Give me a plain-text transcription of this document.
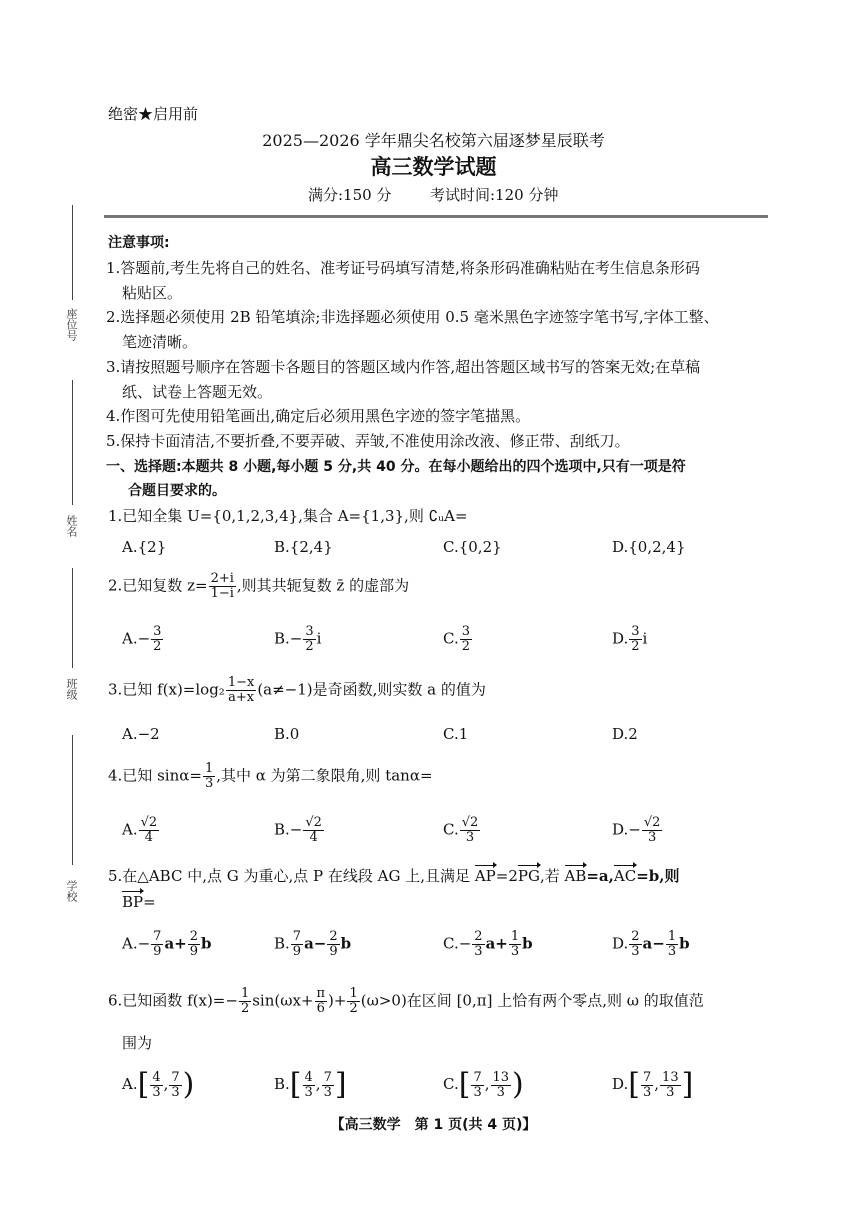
绝密★启用前
2025—2026 学年鼎尖名校第六届逐梦星辰联考
高三数学试题
满分:150 分	考试时间:120 分钟
座位号
姓名
班级
学校
注意事项:
1.答题前,考生先将自己的姓名、准考证号码填写清楚,将条形码准确粘贴在考生信息条形码
粘贴区。
2.选择题必须使用 2B 铅笔填涂;非选择题必须使用 0.5 毫米黑色字迹签字笔书写,字体工整、
笔迹清晰。
3.请按照题号顺序在答题卡各题目的答题区域内作答,超出答题区域书写的答案无效;在草稿
纸、试卷上答题无效。
4.作图可先使用铅笔画出,确定后必须用黑色字迹的签字笔描黑。
5.保持卡面清洁,不要折叠,不要弄破、弄皱,不准使用涂改液、修正带、刮纸刀。
一、选择题:本题共 8 小题,每小题 5 分,共 40 分。在每小题给出的四个选项中,只有一项是符
合题目要求的。
1.已知全集 U={0,1,2,3,4},集合 A={1,3},则 ∁ᵤA=
A.{2}	B.{2,4}	C.{0,2}	D.{0,2,4}
2.已知复数 $z= \frac{2+i}{1-i}$ ,则其共轭复数 z̄ 的虚部为
$A.- \frac{3}{2}$	$B.- \frac{3}{2}$ i	C. $\frac{3}{2}$	D. $\frac{3}{2}$ i
3.已知 $f(x)=\log_2 \frac{1-x}{a+x} (a\ne-1)$是奇函数,则实数 a 的值为
A.−2	B.0	C.1	D.2
4.已知 $\sin\alpha= \frac{1}{3}$ ,其中 α 为第二象限角,则 tanα=
A. $\frac{√2}{4}$	$B.- \frac{√2}{4}$	C. $\frac{√2}{3}$	$D.- \frac{√2}{3}$
5.在△ABC 中,点 G 为重心,点 P 在线段 AG 上,且满足 AP=2PG,若 AB=a,AC=b,则
BP=
$A.- \frac{7}{9} a+ \frac{2}{9}$ b	B. $\frac{7}{9} a- \frac{2}{9}$ b	$C.- \frac{2}{3} a+ \frac{1}{3}$ b	D. $\frac{2}{3} a- \frac{1}{3}$ b
6.已知函数 $f(x)=- \frac{1}{2} \sin(\omega x+ \frac{\pi}{6}$ )+ $\frac{1}{2} (\omega>0)$在区间 [0,π] 上恰有两个零点,则 ω 的取值范
围为
$A.[ \frac{4}{3}$ , $\frac{7}{3}$ )	$B.[ \frac{4}{3}$ , $\frac{7}{3}$ ]	$C.[ \frac{7}{3}$ , $\frac{13}{3}$ )	$D.[ \frac{7}{3}$ , $\frac{13}{3}$ ]
【高三数学　第 1 页(共 4 页)】
